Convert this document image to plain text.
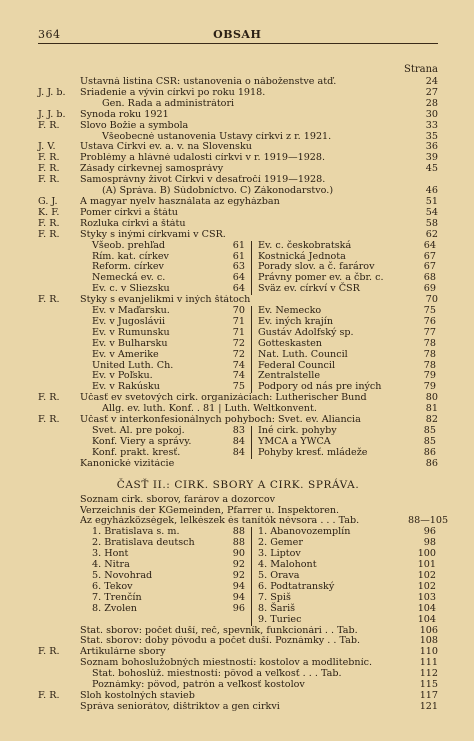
364	OBSAH
Strana
Ústavná listina ČSR: ustanovenia o náboženstve atď.	24
J. J. b.	Sriadenie a vývin církvi po roku 1918.	27
Gen. Rada a administrátori	28
J. J. b.	Synoda roku 1921	30
F. R.	Slovo Božie a symbola	33
Všeobecné ustanovenia Ústavy církvi z r. 1921.	35
J. V.	Ústava Církvi ev. a. v. na Slovensku	36
F. R.	Problémy a hlávné udalosti církvi v r. 1919—1928.	39
F. R.	Zásady církevnej samosprávy	45
F. R.	Samosprávny život Církvi v desaťročí 1919—1928.
(A) Správa. B) Súdobníctvo. C) Zákonodarstvo.)	46
G. J.	A magyar nyelv használata az egyházban	51
K. F.	Pomer církvi a štátu	54
F. R.	Rozluka církvi a štátu	58
F. R.	Styky s inými církvami v ČSR.	62
Všeob. prehľad	61 Ev. c. českobratská	64
Rím. kat. církev	61 Kostnická Jednota	67
Reform. církev	63 Porady slov. a č. farárov	67
Nemecká ev. c.	64 Právny pomer ev. a čbr. c.	68
Ev. c. v Sliezsku	64 Sväz ev. církví v ČSR	69
F. R.	Styky s evanjelikmi v iných štátoch	70
Ev. v Maďarsku.	70 Ev. Nemecko	75
Ev. v Jugoslávii	71 Ev. iných krajín	76
Ev. v Rumunsku	71 Gustáv Adolfský sp.	77
Ev. v Bulharsku	72 Gotteskasten	78
Ev. v Amerike	72 Nat. Luth. Council	78
United Luth. Ch.	74 Federal Council	78
Ev. v Poľsku.	74 Zentralstelle	79
Ev. v Rakúsku	75 Podpory od nás pre iných	79
F. R.	Účasť ev svetových cirk. organizáciach: Lutherischer Bund	80
Allg. ev. luth. Konf. . 81 | Luth. Weltkonvent.	81
F. R.	Účasť v interkonfesionálnych pohyboch: Svet. ev. Aliancia	82
Svet. Al. pre pokoj.	83 Iné cirk. pohyby	85
Konf. Viery a správy.	84 YMCA a YWCA	85
Konf. prakt. kresť.	84 Pohyby kresť. mládeže	86
Kanonické vizitácie	86
ČASŤ II.: CIRK. SBORY A CIRK. SPRÁVA.
Soznam cirk. sborov, farárov a dozorcov
Verzeichnis der KGemeinden, Pfarrer u. Inspektoren.
Az egyházközségek, lelkészek és tanítók névsora . . . Tab.	88—105
1. Bratislava s. m.	88 1. Abanovozemplín	96
2. Bratislava deutsch	88 2. Gemer	98
3. Hont	90 3. Liptov	100
4. Nitra	92 4. Malohont	101
5. Novohrad	92 5. Orava	102
6. Tekov	94 6. Podtatranský	102
7. Trenčín	94 7. Spiš	103
8. Zvolen	96 8. Šariš	104
9. Turiec	104
Štat. sborov: počet duší, reč, spevník, funkcionári . . Tab.	106
Štat. sborov: doby pôvodu a počet duší. Poznámky . . Tab.	108
F. R.	Artikulárne sbory	110
Soznam bohoslužobných miestností: kostolov a modlitebníc.	111
Štat. bohoslúž. miestností: pôvod a veľkosť . . . Tab.	112
Poznámky: pôvod, patrón a veľkosť kostolov	115
F. R.	Sloh kostolných stavieb	117
Správa seniorátov, dištriktov a gen cirkvi	121
